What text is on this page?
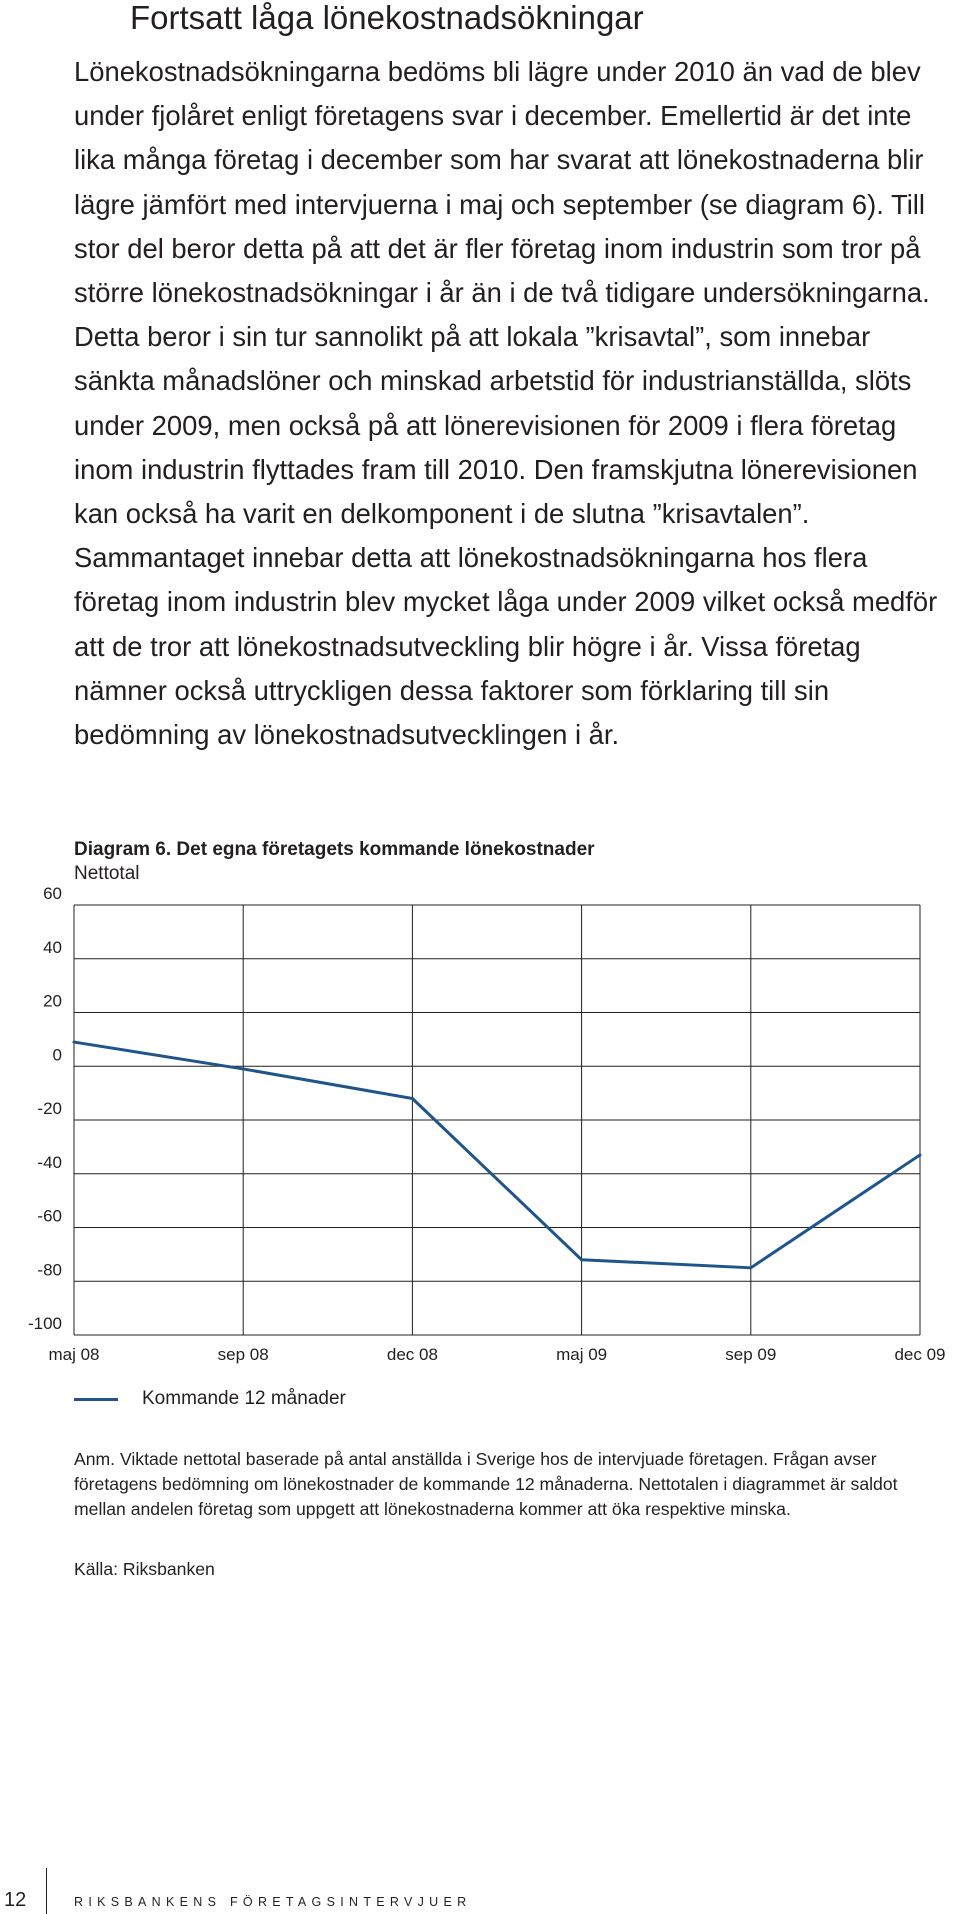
Fortsatt låga lönekostnadsökningar

Lönekostnadsökningarna bedöms bli lägre under 2010 än vad de blev under fjolåret enligt företagens svar i december. Emellertid är det inte lika många företag i december som har svarat att lönekostnaderna blir lägre jämfört med intervjuerna i maj och september (se diagram 6). Till stor del beror detta på att det är fler företag inom industrin som tror på större lönekostnadsökningar i år än i de två tidigare undersökningarna. Detta beror i sin tur sannolikt på att lokala ”krisavtal”, som innebar sänkta månadslöner och minskad arbetstid för industrianställda, slöts under 2009, men också på att lönerevisionen för 2009 i flera företag inom industrin flyttades fram till 2010. Den framskjutna lönerevisionen kan också ha varit en delkomponent i de slutna ”krisavtalen”. Sammantaget innebar detta att lönekostnadsökningarna hos flera företag inom industrin blev mycket låga under 2009 vilket också medför att de tror att lönekostnadsutveckling blir högre i år. Vissa företag nämner också uttryckligen dessa faktorer som förklaring till sin bedömning av lönekostnadsutvecklingen i år.

Diagram 6. Det egna företagets kommande lönekostnader
Nettotal
60
40
20
0
-20
-40
-60
-80
-100
maj 08	sep 08	dec 08	maj 09	sep 09	dec 09
Kommande 12 månader

Anm. Viktade nettotal baserade på antal anställda i Sverige hos de intervjuade företagen. Frågan avser företagens bedömning om lönekostnader de kommande 12 månaderna. Nettotalen i diagrammet är saldot mellan andelen företag som uppgett att lönekostnaderna kommer att öka respektive minska.

Källa: Riksbanken
12	RIKSBANKENS FÖRETAGSINTERVJUER
